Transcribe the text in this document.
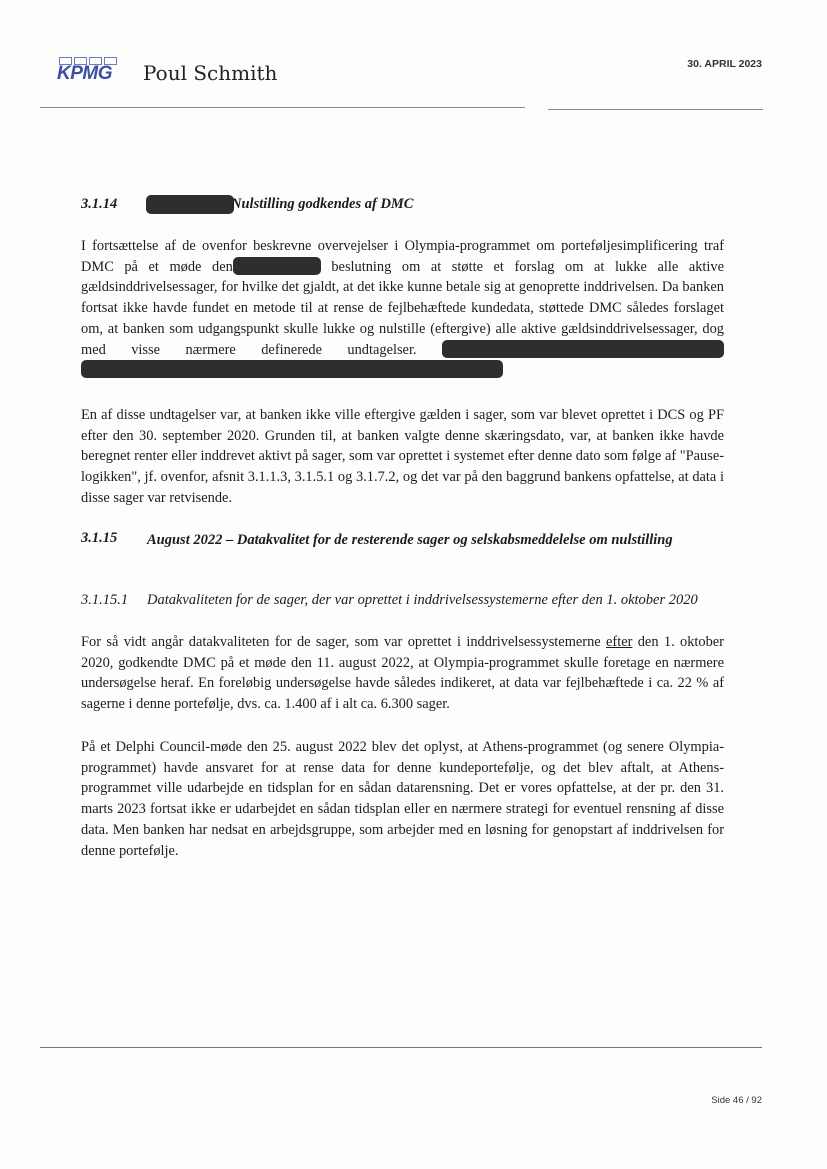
KPMG Poul Schmith	30. APRIL 2023
3.1.14	Nulstilling godkendes af DMC

I fortsættelse af de ovenfor beskrevne overvejelser i Olympia-programmet om porteføljesimplificering traf DMC på et møde den	beslutning om at støtte et forslag om at lukke alle aktive gældsinddrivelsessager, for hvilke det gjaldt, at det ikke kunne betale sig at genoprette inddrivelsen. Da banken fortsat ikke havde fundet en metode til at rense de fejlbehæftede kundedata, støttede DMC således forslaget om, at banken som udgangspunkt skulle lukke og nulstille (eftergive) alle aktive gældsinddrivelsessager, dog med visse nærmere definerede undtagelser.

En af disse undtagelser var, at banken ikke ville eftergive gælden i sager, som var blevet oprettet i DCS og PF efter den 30. september 2020. Grunden til, at banken valgte denne skæringsdato, var, at banken ikke havde beregnet renter eller inddrevet aktivt på sager, som var oprettet i systemet efter denne dato som følge af "Pause-logikken", jf. ovenfor, afsnit 3.1.1.3, 3.1.5.1 og 3.1.7.2, og det var på den baggrund bankens opfattelse, at data i disse sager var retvisende.

3.1.15 August 2022 – Datakvalitet for de resterende sager og selskabsmeddelelse om nulstilling
3.1.15.1 Datakvaliteten for de sager, der var oprettet i inddrivelsessystemerne efter den 1. oktober 2020

For så vidt angår datakvaliteten for de sager, som var oprettet i inddrivelsessystemerne efter den 1. oktober 2020, godkendte DMC på et møde den 11. august 2022, at Olympia-programmet skulle foretage en nærmere undersøgelse heraf. En foreløbig undersøgelse havde således indikeret, at data var fejlbehæftede i ca. 22 % af sagerne i denne portefølje, dvs. ca. 1.400 af i alt ca. 6.300 sager.

På et Delphi Council-møde den 25. august 2022 blev det oplyst, at Athens-programmet (og senere Olympia-programmet) havde ansvaret for at rense data for denne kundeportefølje, og det blev aftalt, at Athens-programmet ville udarbejde en tidsplan for en sådan datarensning. Det er vores opfattelse, at der pr. den 31. marts 2023 fortsat ikke er udarbejdet en sådan tidsplan eller en nærmere strategi for eventuel rensning af disse data. Men banken har nedsat en arbejdsgruppe, som arbejder med en løsning for genopstart af inddrivelsen for denne portefølje.

Side 46 / 92
